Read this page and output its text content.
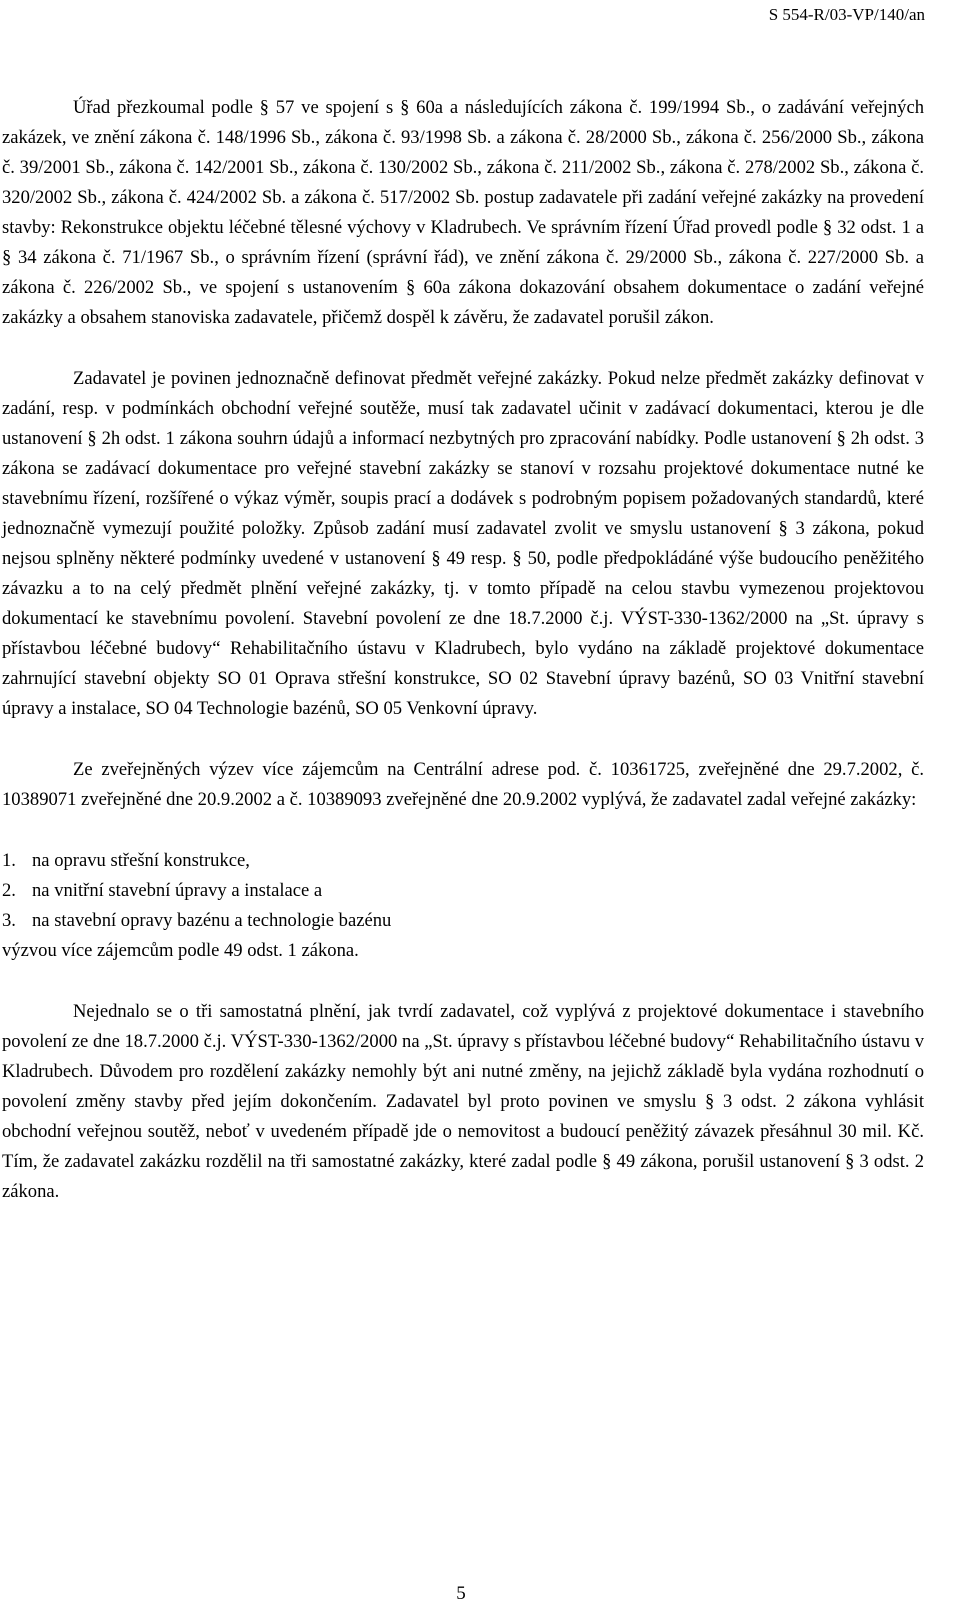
S 554-R/03-VP/140/an

Úřad přezkoumal podle § 57 ve spojení s § 60a a následujících zákona č. 199/1994 Sb., o zadávání veřejných zakázek, ve znění zákona č. 148/1996 Sb., zákona č. 93/1998 Sb. a zákona č. 28/2000 Sb., zákona č. 256/2000 Sb., zákona č. 39/2001 Sb., zákona č. 142/2001 Sb., zákona č. 130/2002 Sb., zákona č. 211/2002 Sb., zákona č. 278/2002 Sb., zákona č. 320/2002 Sb., zákona č. 424/2002 Sb. a zákona č. 517/2002 Sb. postup zadavatele při zadání veřejné zakázky na provedení stavby: Rekonstrukce objektu léčebné tělesné výchovy v Kladrubech. Ve správním řízení Úřad provedl podle § 32 odst. 1 a § 34 zákona č. 71/1967 Sb., o správním řízení (správní řád), ve znění zákona č. 29/2000 Sb., zákona č. 227/2000 Sb. a zákona č. 226/2002 Sb., ve spojení s ustanovením § 60a zákona dokazování obsahem dokumentace o zadání veřejné zakázky a obsahem stanoviska zadavatele, přičemž dospěl k závěru, že zadavatel porušil zákon.

Zadavatel je povinen jednoznačně definovat předmět veřejné zakázky. Pokud nelze předmět zakázky definovat v zadání, resp. v podmínkách obchodní veřejné soutěže, musí tak zadavatel učinit v zadávací dokumentaci, kterou je dle ustanovení § 2h odst. 1 zákona souhrn údajů a informací nezbytných pro zpracování nabídky. Podle ustanovení § 2h odst. 3 zákona se zadávací dokumentace pro veřejné stavební zakázky se stanoví v rozsahu projektové dokumentace nutné ke stavebnímu řízení, rozšířené o výkaz výměr, soupis prací a dodávek s podrobným popisem požadovaných standardů, které jednoznačně vymezují použité položky. Způsob zadání musí zadavatel zvolit ve smyslu ustanovení § 3 zákona, pokud nejsou splněny některé podmínky uvedené v ustanovení § 49 resp. § 50, podle předpokládáné výše budoucího peněžitého závazku a to na celý předmět plnění veřejné zakázky, tj. v tomto případě na celou stavbu vymezenou projektovou dokumentací ke stavebnímu povolení. Stavební povolení ze dne 18.7.2000 č.j. VÝST-330-1362/2000 na „St. úpravy s přístavbou léčebné budovy“ Rehabilitačního ústavu v Kladrubech, bylo vydáno na základě projektové dokumentace zahrnující stavební objekty SO 01 Oprava střešní konstrukce, SO 02 Stavební úpravy bazénů, SO 03 Vnitřní stavební úpravy a instalace, SO 04 Technologie bazénů, SO 05 Venkovní úpravy.

Ze zveřejněných výzev více zájemcům na Centrální adrese pod. č. 10361725, zveřejněné dne 29.7.2002, č. 10389071 zveřejněné dne 20.9.2002 a č. 10389093 zveřejněné dne 20.9.2002 vyplývá, že zadavatel zadal veřejné zakázky:

1. na opravu střešní konstrukce,
2. na vnitřní stavební úpravy a instalace a
3. na stavební opravy bazénu a technologie bazénu

výzvou více zájemcům podle 49 odst. 1 zákona.

Nejednalo se o tři samostatná plnění, jak tvrdí zadavatel, což vyplývá z projektové dokumentace i stavebního povolení ze dne 18.7.2000 č.j. VÝST-330-1362/2000 na „St. úpravy s přístavbou léčebné budovy“ Rehabilitačního ústavu v Kladrubech. Důvodem pro rozdělení zakázky nemohly být ani nutné změny, na jejichž základě byla vydána rozhodnutí o povolení změny stavby před jejím dokončením. Zadavatel byl proto povinen ve smyslu § 3 odst. 2 zákona vyhlásit obchodní veřejnou soutěž, neboť v uvedeném případě jde o nemovitost a budoucí peněžitý závazek přesáhnul 30 mil. Kč. Tím, že zadavatel zakázku rozdělil na tři samostatné zakázky, které zadal podle § 49 zákona, porušil ustanovení § 3 odst. 2 zákona.

5
